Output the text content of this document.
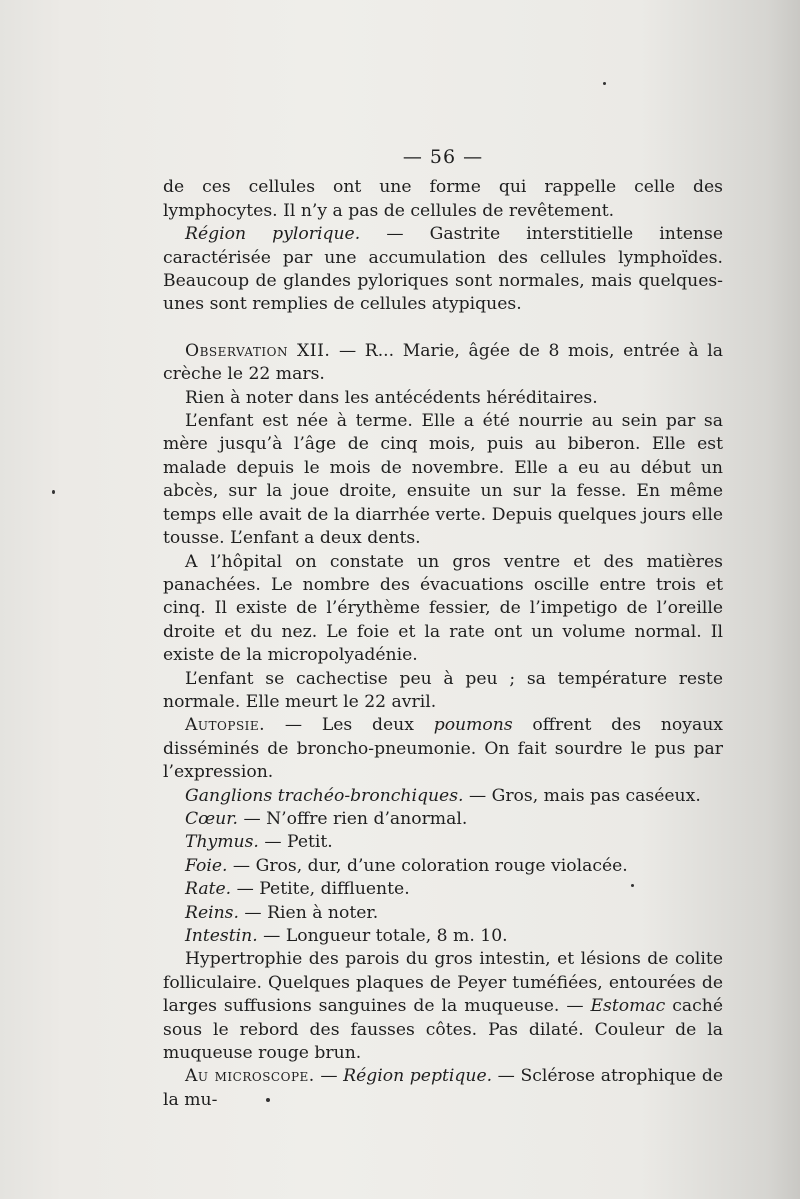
— 56 —

de ces cellules ont une forme qui rappelle celle des lymphocytes. Il n’y a pas de cellules de revêtement.

Région pylorique. — Gastrite interstitielle intense caractérisée par une accumulation des cellules lymphoïdes. Beaucoup de glandes pyloriques sont normales, mais quelques-unes sont remplies de cellules atypiques.

Observation XII. — R... Marie, âgée de 8 mois, entrée à la crèche le 22 mars.

Rien à noter dans les antécédents héréditaires.

L’enfant est née à terme. Elle a été nourrie au sein par sa mère jusqu’à l’âge de cinq mois, puis au biberon. Elle est malade depuis le mois de novembre. Elle a eu au début un abcès, sur la joue droite, ensuite un sur la fesse. En même temps elle avait de la diarrhée verte. Depuis quelques jours elle tousse. L’enfant a deux dents.

A l’hôpital on constate un gros ventre et des matières panachées. Le nombre des évacuations oscille entre trois et cinq. Il existe de l’érythème fessier, de l’impetigo de l’oreille droite et du nez. Le foie et la rate ont un volume normal. Il existe de la micropolyadénie.

L’enfant se cachectise peu à peu ; sa température reste normale. Elle meurt le 22 avril.

Autopsie. — Les deux poumons offrent des noyaux disséminés de broncho-pneumonie. On fait sourdre le pus par l’expression.

Ganglions trachéo-bronchiques. — Gros, mais pas caséeux.

Cœur. — N’offre rien d’anormal.

Thymus. — Petit.

Foie. — Gros, dur, d’une coloration rouge violacée.

Rate. — Petite, diffluente.

Reins. — Rien à noter.

Intestin. — Longueur totale, 8 m. 10.

Hypertrophie des parois du gros intestin, et lésions de colite folliculaire. Quelques plaques de Peyer tuméfiées, entourées de larges suffusions sanguines de la muqueuse. — Estomac caché sous le rebord des fausses côtes. Pas dilaté. Couleur de la muqueuse rouge brun.

Au microscope. — Région peptique. — Sclérose atrophique de la mu-
